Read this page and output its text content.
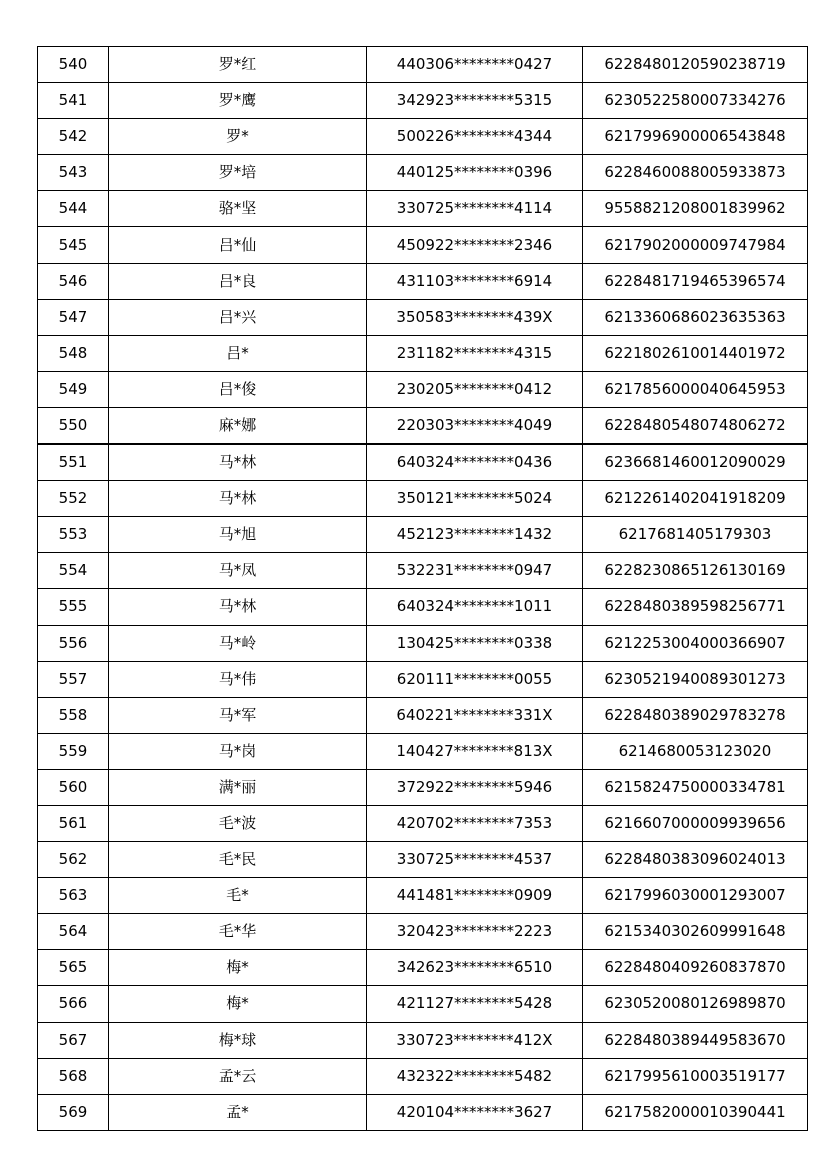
540	罗*红	440306********0427	6228480120590238719
541	罗*鹰	342923********5315	6230522580007334276
542	罗*	500226********4344	6217996900006543848
543	罗*培	440125********0396	6228460088005933873
544	骆*坚	330725********4114	9558821208001839962
545	吕*仙	450922********2346	6217902000009747984
546	吕*良	431103********6914	6228481719465396574
547	吕*兴	350583********439X	6213360686023635363
548	吕*	231182********4315	6221802610014401972
549	吕*俊	230205********0412	6217856000040645953
550	麻*娜	220303********4049	6228480548074806272
551	马*林	640324********0436	6236681460012090029
552	马*林	350121********5024	6212261402041918209
553	马*旭	452123********1432	6217681405179303
554	马*凤	532231********0947	6228230865126130169
555	马*林	640324********1011	6228480389598256771
556	马*岭	130425********0338	6212253004000366907
557	马*伟	620111********0055	6230521940089301273
558	马*军	640221********331X	6228480389029783278
559	马*岗	140427********813X	6214680053123020
560	满*丽	372922********5946	6215824750000334781
561	毛*波	420702********7353	6216607000009939656
562	毛*民	330725********4537	6228480383096024013
563	毛*	441481********0909	6217996030001293007
564	毛*华	320423********2223	6215340302609991648
565	梅*	342623********6510	6228480409260837870
566	梅*	421127********5428	6230520080126989870
567	梅*球	330723********412X	6228480389449583670
568	孟*云	432322********5482	6217995610003519177
569	孟*	420104********3627	6217582000010390441
